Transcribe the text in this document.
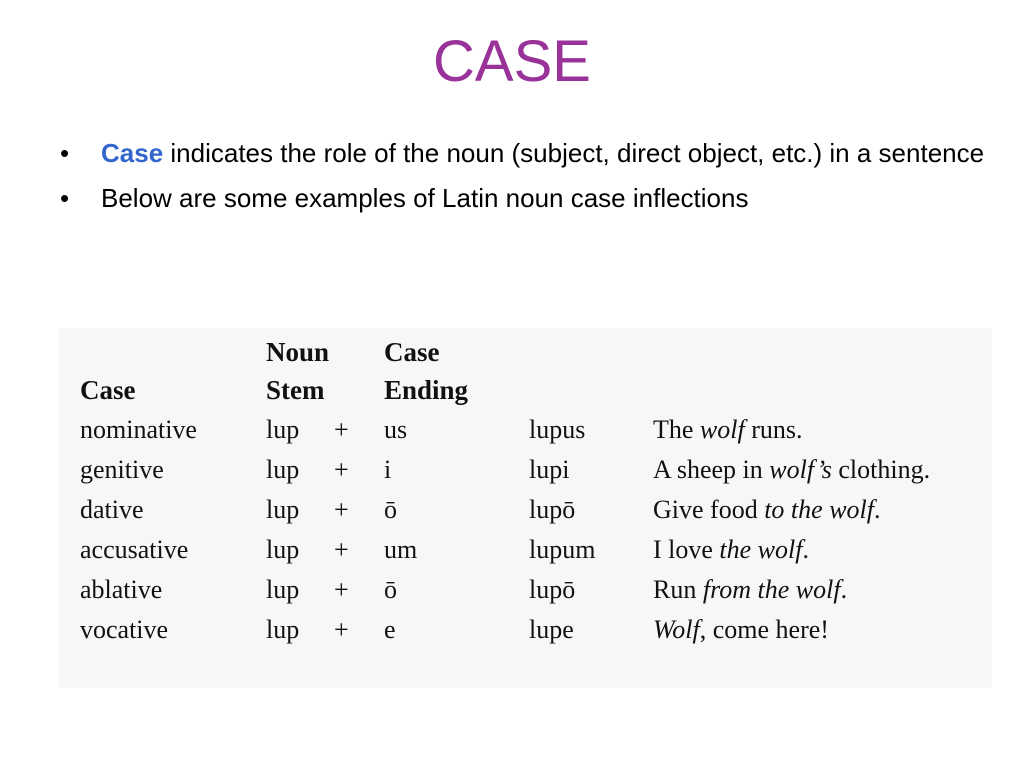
CASE
• Case indicates the role of the noun (subject, direct object, etc.) in a sentence
• Below are some examples of Latin noun case inflections

	Noun		Case		
Case	Stem		Ending		
nominative	lup	+	us	lupus	The wolf runs.
genitive	lup	+	i	lupi	A sheep in wolf’s clothing.
dative	lup	+	ō	lupō	Give food to the wolf.
accusative	lup	+	um	lupum	I love the wolf.
ablative	lup	+	ō	lupō	Run from the wolf.
vocative	lup	+	e	lupe	Wolf, come here!
